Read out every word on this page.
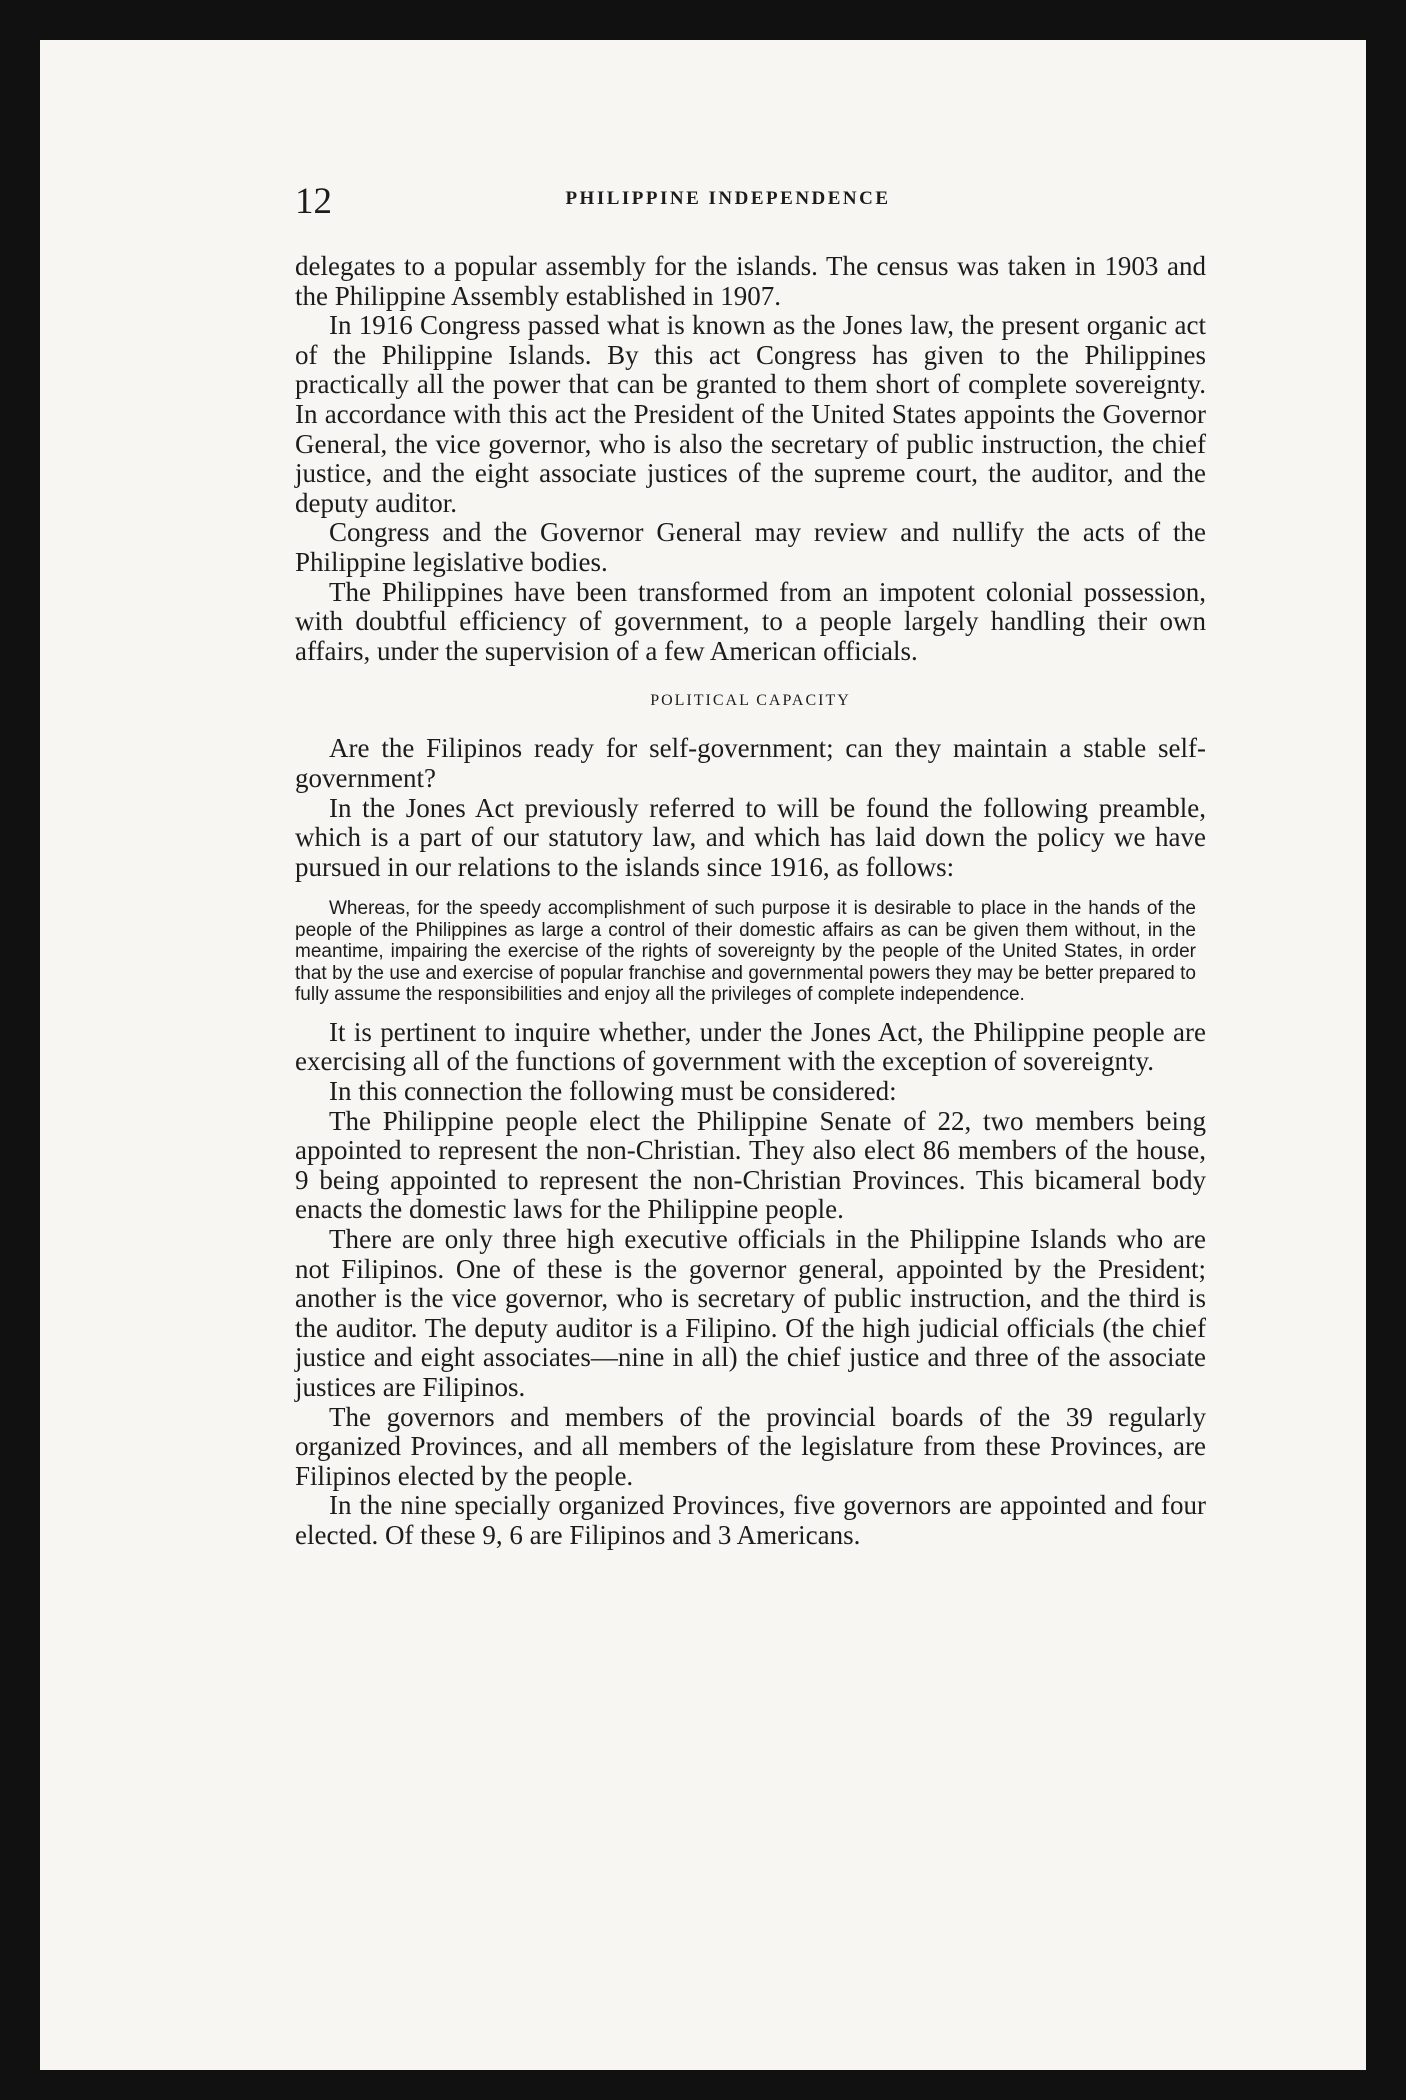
12	PHILIPPINE INDEPENDENCE

delegates to a popular assembly for the islands. The census was taken in 1903 and the Philippine Assembly established in 1907.

In 1916 Congress passed what is known as the Jones law, the present organic act of the Philippine Islands. By this act Congress has given to the Philippines practically all the power that can be granted to them short of complete sovereignty. In accordance with this act the President of the United States appoints the Governor General, the vice governor, who is also the secretary of public instruction, the chief justice, and the eight associate justices of the supreme court, the auditor, and the deputy auditor.

Congress and the Governor General may review and nullify the acts of the Philippine legislative bodies.

The Philippines have been transformed from an impotent colonial possession, with doubtful efficiency of government, to a people largely handling their own affairs, under the supervision of a few American officials.

POLITICAL CAPACITY

Are the Filipinos ready for self-government; can they maintain a stable self-government?

In the Jones Act previously referred to will be found the following preamble, which is a part of our statutory law, and which has laid down the policy we have pursued in our relations to the islands since 1916, as follows:

Whereas, for the speedy accomplishment of such purpose it is desirable to place in the hands of the people of the Philippines as large a control of their domestic affairs as can be given them without, in the meantime, impairing the exercise of the rights of sovereignty by the people of the United States, in order that by the use and exercise of popular franchise and governmental powers they may be better prepared to fully assume the responsibilities and enjoy all the privileges of complete independence.

It is pertinent to inquire whether, under the Jones Act, the Philippine people are exercising all of the functions of government with the exception of sovereignty.

In this connection the following must be considered:

The Philippine people elect the Philippine Senate of 22, two members being appointed to represent the non-Christian. They also elect 86 members of the house, 9 being appointed to represent the non-Christian Provinces. This bicameral body enacts the domestic laws for the Philippine people.

There are only three high executive officials in the Philippine Islands who are not Filipinos. One of these is the governor general, appointed by the President; another is the vice governor, who is secretary of public instruction, and the third is the auditor. The deputy auditor is a Filipino. Of the high judicial officials (the chief justice and eight associates—nine in all) the chief justice and three of the associate justices are Filipinos.

The governors and members of the provincial boards of the 39 regularly organized Provinces, and all members of the legislature from these Provinces, are Filipinos elected by the people.

In the nine specially organized Provinces, five governors are appointed and four elected. Of these 9, 6 are Filipinos and 3 Americans.
